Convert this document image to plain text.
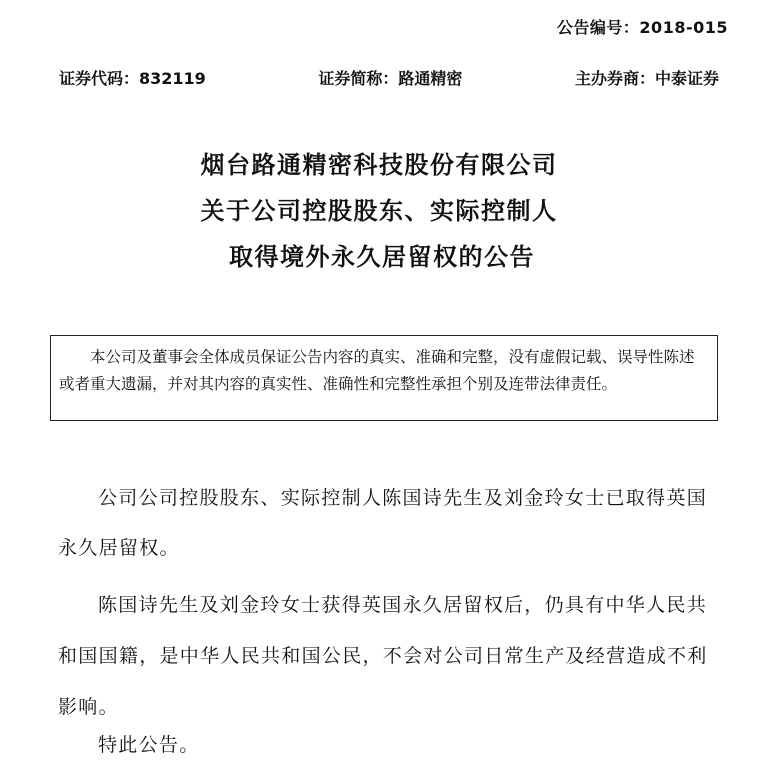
公告编号：2018-015
证券代码：832119	证券简称：路通精密	主办券商：中泰证券
烟台路通精密科技股份有限公司
关于公司控股股东、实际控制人
取得境外永久居留权的公告
本公司及董事会全体成员保证公告内容的真实、准确和完整，没有虚假记载、误导性陈述或者重大遗漏，并对其内容的真实性、准确性和完整性承担个别及连带法律责任。

公司公司控股股东、实际控制人陈国诗先生及刘金玲女士已取得英国永久居留权。

陈国诗先生及刘金玲女士获得英国永久居留权后，仍具有中华人民共和国国籍，是中华人民共和国公民，不会对公司日常生产及经营造成不利影响。

特此公告。
